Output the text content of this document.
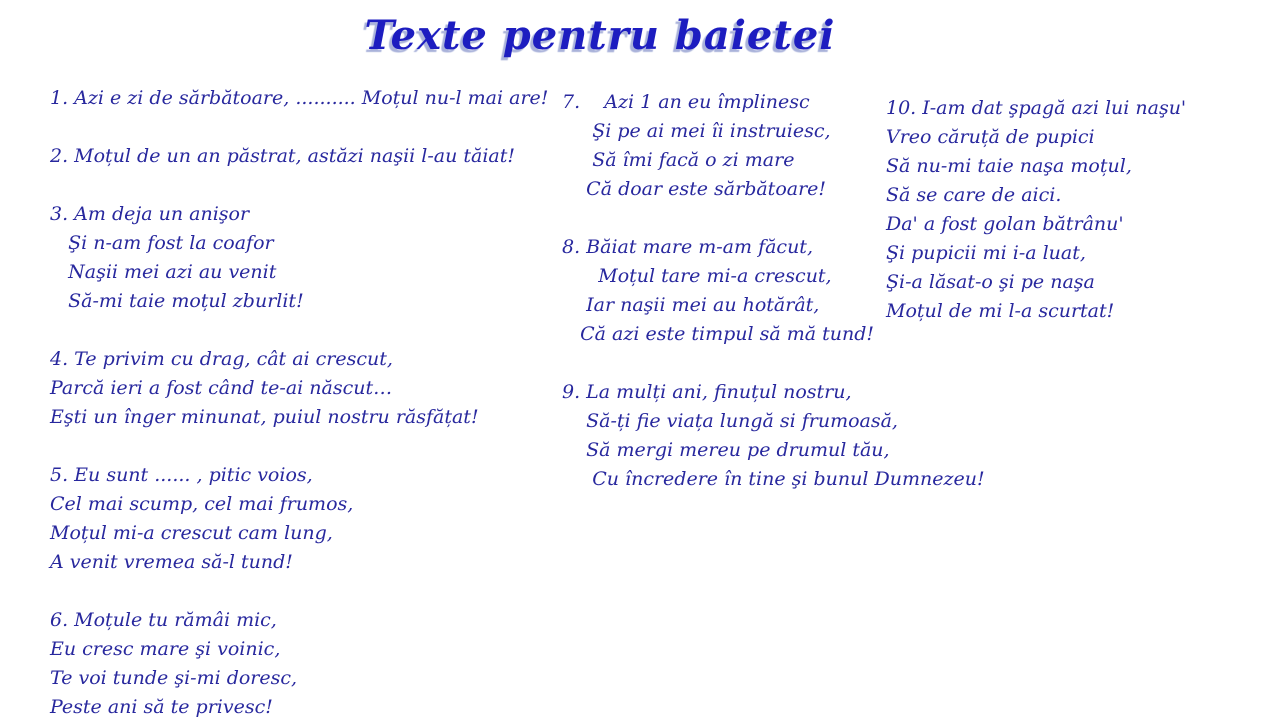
Texte pentru baietei
1. Azi e zi de sărbătoare, .......... Moțul nu-l mai are!
2. Moțul de un an păstrat, astăzi naşii l-au tăiat!
3. Am deja un anişor
Şi n-am fost la coafor
Naşii mei azi au venit
Să-mi taie moțul zburlit!
4. Te privim cu drag, cât ai crescut,
Parcă ieri a fost când te-ai născut…
Eşti un înger minunat, puiul nostru răsfățat!
5. Eu sunt ...... , pitic voios,
Cel mai scump, cel mai frumos,
Moțul mi-a crescut cam lung,
A venit vremea să-l tund!
6. Moțule tu rămâi mic,
Eu cresc mare şi voinic,
Te voi tunde şi-mi doresc,
Peste ani să te privesc!
7.    Azi 1 an eu împlinesc
Şi pe ai mei îi instruiesc,
Să îmi facă o zi mare
Că doar este sărbătoare!
8. Băiat mare m-am făcut,
Moțul tare mi-a crescut,
Iar naşii mei au hotărât,
Că azi este timpul să mă tund!
9. La mulți ani, finuțul nostru,
Să-ți fie viața lungă si frumoasă,
Să mergi mereu pe drumul tău,
Cu încredere în tine şi bunul Dumnezeu!
10. I-am dat şpagă azi lui naşu'
Vreo căruță de pupici
Să nu-mi taie naşa moțul,
Să se care de aici.
Da' a fost golan bătrânu'
Şi pupicii mi i-a luat,
Şi-a lăsat-o şi pe naşa
Moțul de mi l-a scurtat!
